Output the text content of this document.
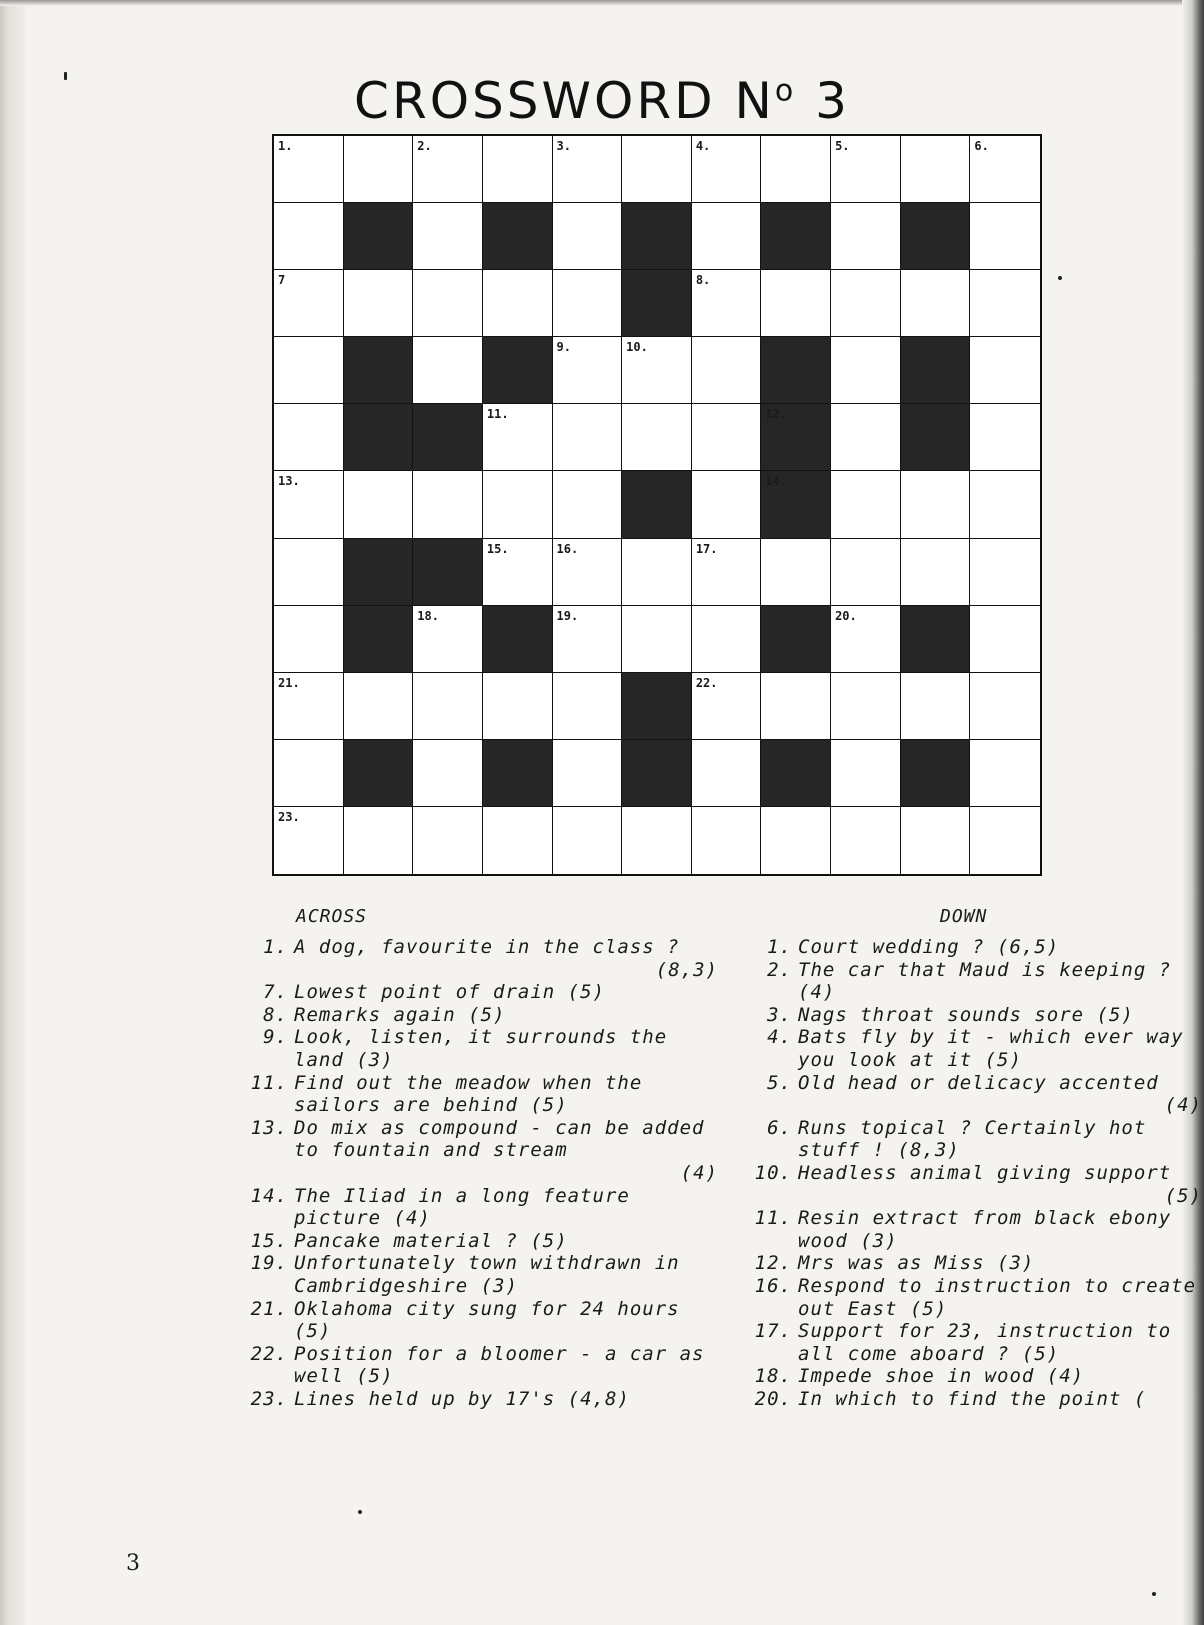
CROSSWORD $N^o$ 3
1.	2.	3.	4.	5.	6.
7	8.
9.	10.
11.	12.
13.	14.
15.	16.	17.
18.	19.	20.
21.	22.
23.
ACROSS	DOWN
1. A dog, favourite in the class ?
(8,3)
7. Lowest point of drain (5)
8. Remarks again (5)
9. Look, listen, it surrounds the land (3)
11. Find out the meadow when the sailors are behind (5)
13. Do mix as compound - can be added to fountain and stream
(4)
14. The Iliad in a long feature picture (4)
15. Pancake material ? (5)
19. Unfortunately town withdrawn in Cambridgeshire (3)
21. Oklahoma city sung for 24 hours (5)
22. Position for a bloomer - a car as well (5)
23. Lines held up by 17's (4,8)
1. Court wedding ? (6,5)
2. The car that Maud is keeping ? (4)
3. Nags throat sounds sore (5)
4. Bats fly by it - which ever way you look at it (5)
5. Old head or delicacy accented
(4)
6. Runs topical ? Certainly hot stuff ! (8,3)
10. Headless animal giving support
(5)
11. Resin extract from black ebony wood (3)
12. Mrs was as Miss (3)
16. Respond to instruction to create out East (5)
17. Support for 23, instruction to all come aboard ? (5)
18. Impede shoe in wood (4)
20. In which to find the point (
3
